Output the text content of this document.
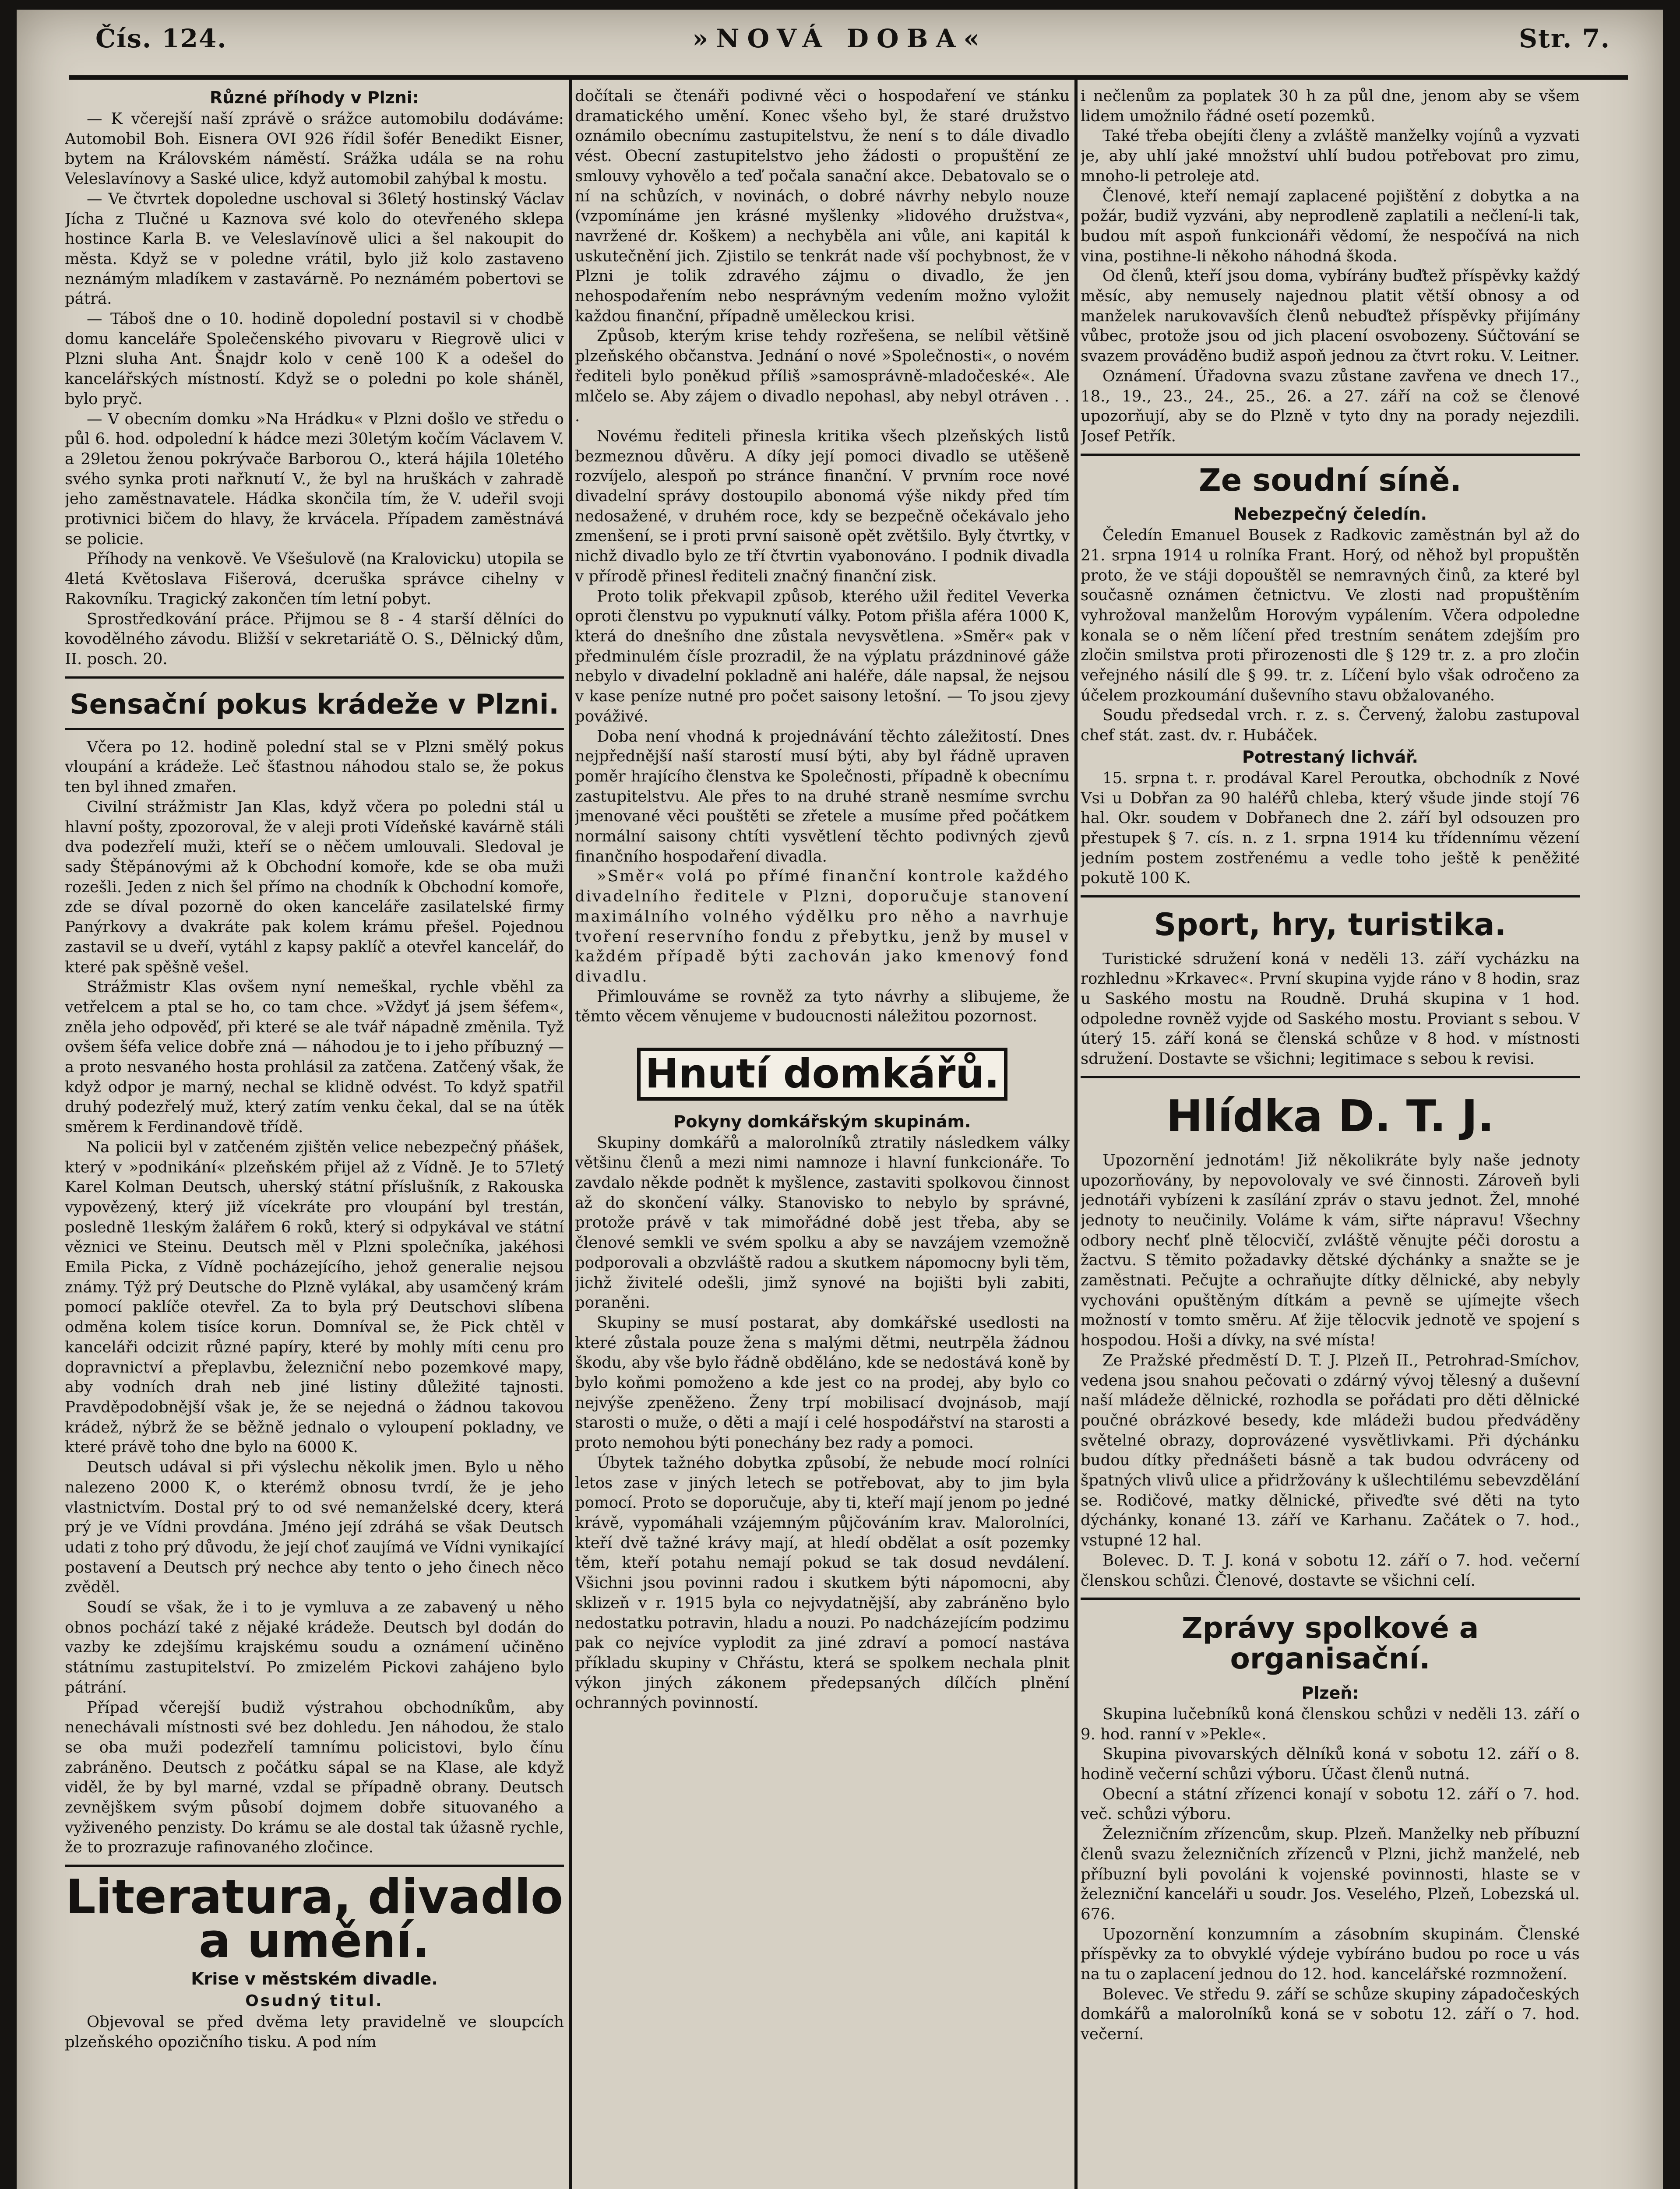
Čís. 124.	»NOVÁ DOBA«	Str. 7.

Různé příhody v Plzni:

— K včerejší naší zprávě o srážce automobilu dodáváme: Automobil Boh. Eisnera OVI 926 řídil šofér Benedikt Eisner, bytem na Královském náměstí. Srážka udála se na rohu Veleslavínovy a Saské ulice, když automobil zahýbal k mostu.

— Ve čtvrtek dopoledne uschoval si 36letý hostinský Václav Jícha z Tlučné u Kaznova své kolo do otevřeného sklepa hostince Karla B. ve Veleslavínově ulici a šel nakoupit do města. Když se v poledne vrátil, bylo již kolo zastaveno neznámým mladíkem v zastavárně. Po neznámém pobertovi se pátrá.

— Táboš dne o 10. hodině dopolední postavil si v chodbě domu kanceláře Společenského pivovaru v Riegrově ulici v Plzni sluha Ant. Šnajdr kolo v ceně 100 K a odešel do kancelářských místností. Když se o poledni po kole sháněl, bylo pryč.

— V obecním domku »Na Hrádku« v Plzni došlo ve středu o půl 6. hod. odpolední k hádce mezi 30letým kočím Václavem V. a 29letou ženou pokrývače Barborou O., která hájila 10letého svého synka proti nařknutí V., že byl na hruškách v zahradě jeho zaměstnavatele. Hádka skončila tím, že V. udeřil svoji protivnici bičem do hlavy, že krvácela. Případem zaměstnává se policie.

Příhody na venkově. Ve Všešulově (na Kralovicku) utopila se 4letá Květoslava Fišerová, dceruška správce cihelny v Rakovníku. Tragický zakončen tím letní pobyt.

Sprostředkování práce. Přijmou se 8 - 4 starší dělníci do kovodělného závodu. Bližší v sekretariátě O. S., Dělnický dům, II. posch. 20.

Sensační pokus krádeže v Plzni.

Včera po 12. hodině polední stal se v Plzni smělý pokus vloupání a krádeže. Leč šťastnou náhodou stalo se, že pokus ten byl ihned zmařen.

Civilní strážmistr Jan Klas, když včera po poledni stál u hlavní pošty, zpozoroval, že v aleji proti Vídeňské kavárně stáli dva podezřelí muži, kteří se o něčem umlouvali. Sledoval je sady Štěpánovými až k Obchodní komoře, kde se oba muži rozešli. Jeden z nich šel přímo na chodník k Obchodní komoře, zde se díval pozorně do oken kanceláře zasilatelské firmy Panýrkovy a dvakráte pak kolem krámu přešel. Pojednou zastavil se u dveří, vytáhl z kapsy paklíč a otevřel kancelář, do které pak spěšně vešel.

Strážmistr Klas ovšem nyní nemeškal, rychle vběhl za vetřelcem a ptal se ho, co tam chce. »Vždyť já jsem šéfem«, zněla jeho odpověď, při které se ale tvář nápadně změnila. Tyž ovšem šéfa velice dobře zná — náhodou je to i jeho příbuzný — a proto nesvaného hosta prohlásil za zatčena. Zatčený však, že když odpor je marný, nechal se klidně odvést. To když spatřil druhý podezřelý muž, který zatím venku čekal, dal se na útěk směrem k Ferdinandově třídě.

Na policii byl v zatčeném zjištěn velice nebezpečný pňášek, který v »podnikání« plzeňském přijel až z Vídně. Je to 57letý Karel Kolman Deutsch, uherský státní příslušník, z Rakouska vypovězený, který již vícekráte pro vloupání byl trestán, posledně 1leským žalářem 6 roků, který si odpykával ve státní věznici ve Steinu. Deutsch měl v Plzni společníka, jakéhosi Emila Picka, z Vídně pocházejícího, jehož generalie nejsou známy. Týž prý Deutsche do Plzně vylákal, aby usamčený krám pomocí paklíče otevřel. Za to byla prý Deutschovi slíbena odměna kolem tisíce korun. Domníval se, že Pick chtěl v kanceláři odcizit různé papíry, které by mohly míti cenu pro dopravnictví a přeplavbu, železniční nebo pozemkové mapy, aby vodních drah neb jiné listiny důležité tajnosti. Pravděpodobnější však je, že se nejedná o žádnou takovou krádež, nýbrž že se běžně jednalo o vyloupení pokladny, ve které právě toho dne bylo na 6000 K.

Deutsch udával si při výslechu několik jmen. Bylo u něho nalezeno 2000 K, o kterémž obnosu tvrdí, že je jeho vlastnictvím. Dostal prý to od své nemanželské dcery, která prý je ve Vídni provdána. Jméno její zdráhá se však Deutsch udati z toho prý důvodu, že její choť zaujímá ve Vídni vynikající postavení a Deutsch prý nechce aby tento o jeho činech něco zvěděl.

Soudí se však, že i to je vymluva a ze zabavený u něho obnos pochází také z nějaké krádeže. Deutsch byl dodán do vazby ke zdejšímu krajskému soudu a oznámení učiněno státnímu zastupitelství. Po zmizelém Pickovi zahájeno bylo pátrání.

Případ včerejší budiž výstrahou obchodníkům, aby nenechávali místnosti své bez dohledu. Jen náhodou, že stalo se oba muži podezřelí tamnímu policistovi, bylo čínu zabráněno. Deutsch z počátku sápal se na Klase, ale když viděl, že by byl marné, vzdal se případně obrany. Deutsch zevnějškem svým působí dojmem dobře situovaného a vyživeného penzisty. Do krámu se ale dostal tak úžasně rychle, že to prozrazuje rafinovaného zločince.

Literatura, divadlo
a umění.

Krise v městském divadle.

Osudný titul.

Objevoval se před dvěma lety pravidelně ve sloupcích plzeňského opozičního tisku. A pod ním

dočítali se čtenáři podivné věci o hospodaření ve stánku dramatického umění. Konec všeho byl, že staré družstvo oznámilo obecnímu zastupitelstvu, že není s to dále divadlo vést. Obecní zastupitelstvo jeho žádosti o propuštění ze smlouvy vyhovělo a teď počala sanační akce. Debatovalo se o ní na schůzích, v novinách, o dobré návrhy nebylo nouze (vzpomínáme jen krásné myšlenky »lidového družstva«, navržené dr. Koškem) a nechyběla ani vůle, ani kapitál k uskutečnění jich. Zjistilo se tenkrát nade vší pochybnost, že v Plzni je tolik zdravého zájmu o divadlo, že jen nehospodařením nebo nesprávným vedením možno vyložit každou finanční, případně uměleckou krisi.

Způsob, kterým krise tehdy rozřešena, se nelíbil většině plzeňského občanstva. Jednání o nové »Společnosti«, o novém řediteli bylo poněkud příliš »samosprávně-mladočeské«. Ale mlčelo se. Aby zájem o divadlo nepohasl, aby nebyl otráven . . .

Novému řediteli přinesla kritika všech plzeňských listů bezmeznou důvěru. A díky její pomoci divadlo se utěšeně rozvíjelo, alespoň po stránce finanční. V prvním roce nové divadelní správy dostoupilo abonomá výše nikdy před tím nedosažené, v druhém roce, kdy se bezpečně očekávalo jeho zmenšení, se i proti první saisoně opět zvětšilo. Byly čtvrtky, v nichž divadlo bylo ze tří čtvrtin vyabonováno. I podnik divadla v přírodě přinesl řediteli značný finanční zisk.

Proto tolik překvapil způsob, kterého užil ředitel Veverka oproti členstvu po vypuknutí války. Potom přišla aféra 1000 K, která do dnešního dne zůstala nevysvětlena. »Směr« pak v předminulém čísle prozradil, že na výplatu prázdninové gáže nebylo v divadelní pokladně ani haléře, dále napsal, že nejsou v kase peníze nutné pro počet saisony letošní. — To jsou zjevy pováživé.

Doba není vhodná k projednávání těchto záležitostí. Dnes nejpřednější naší starostí musí býti, aby byl řádně upraven poměr hrajícího členstva ke Společnosti, případně k obecnímu zastupitelstvu. Ale přes to na druhé straně nesmíme svrchu jmenované věci pouštěti se zřetele a musíme před počátkem normální saisony chtíti vysvětlení těchto podivných zjevů finančního hospodaření divadla.

»Směr« volá po přímé finanční kontrole každého divadelního ředitele v Plzni, doporučuje stanovení maximálního volného výdělku pro něho a navrhuje tvoření reservního fondu z přebytku, jenž by musel v každém případě býti zachován jako kmenový fond divadlu.

Přimlouváme se rovněž za tyto návrhy a slibujeme, že těmto věcem věnujeme v budoucnosti náležitou pozornost.

Hnutí domkářů.

Pokyny domkářským skupinám.

Skupiny domkářů a malorolníků ztratily následkem války většinu členů a mezi nimi namnoze i hlavní funkcionáře. To zavdalo někde podnět k myšlence, zastaviti spolkovou činnost až do skončení války. Stanovisko to nebylo by správné, protože právě v tak mimořádné době jest třeba, aby se členové semkli ve svém spolku a aby se navzájem vzemožně podporovali a obzvláště radou a skutkem nápomocny byli těm, jichž živitelé odešli, jimž synové na bojišti byli zabiti, poraněni.

Skupiny se musí postarat, aby domkářské usedlosti na které zůstala pouze žena s malými dětmi, neutrpěla žádnou škodu, aby vše bylo řádně obděláno, kde se nedostává koně by bylo koňmi pomoženo a kde jest co na prodej, aby bylo co nejvýše zpeněženo. Ženy trpí mobilisací dvojnásob, mají starosti o muže, o děti a mají i celé hospodářství na starosti a proto nemohou býti ponechány bez rady a pomoci.

Úbytek tažného dobytka způsobí, že nebude mocí rolníci letos zase v jiných letech se potřebovat, aby to jim byla pomocí. Proto se doporučuje, aby ti, kteří mají jenom po jedné krávě, vypomáhali vzájemným půjčováním krav. Malorolníci, kteří dvě tažné krávy mají, at hledí obdělat a osít pozemky těm, kteří potahu nemají pokud se tak dosud nevdálení. Všichni jsou povinni radou i skutkem býti nápomocni, aby sklizeň v r. 1915 byla co nejvydatnější, aby zabráněno bylo nedostatku potravin, hladu a nouzi. Po nadcházejícím podzimu pak co nejvíce vyplodit za jiné zdraví a pomocí nastáva příkladu skupiny v Chřástu, která se spolkem nechala plnit výkon jiných zákonem předepsaných dílčích plnění ochranných povinností.

i nečlenům za poplatek 30 h za půl dne, jenom aby se všem lidem umožnilo řádné osetí pozemků.

Také třeba obejíti členy a zvláště manželky vojínů a vyzvati je, aby uhlí jaké množství uhlí budou potřebovat pro zimu, mnoho-li petroleje atd.

Členové, kteří nemají zaplacené pojištění z dobytka a na požár, budiž vyzváni, aby neprodleně zaplatili a nečlení-li tak, budou mít aspoň funkcionáři vědomí, že nespočívá na nich vina, postihne-li někoho náhodná škoda.

Od členů, kteří jsou doma, vybírány buďtež příspěvky každý měsíc, aby nemusely najednou platit větší obnosy a od manželek narukovavších členů nebuďtež příspěvky přijímány vůbec, protože jsou od jich placení osvobozeny. Súčtování se svazem prováděno budiž aspoň jednou za čtvrt roku. V. Leitner.

Oznámení. Úřadovna svazu zůstane zavřena ve dnech 17., 18., 19., 23., 24., 25., 26. a 27. září na což se členové upozorňují, aby se do Plzně v tyto dny na porady nejezdili. Josef Petřík.

Ze soudní síně.

Nebezpečný čeledín.

Čeledín Emanuel Bousek z Radkovic zaměstnán byl až do 21. srpna 1914 u rolníka Frant. Horý, od něhož byl propuštěn proto, že ve stáji dopouštěl se nemravných činů, za které byl současně oznámen četnictvu. Ve zlosti nad propuštěním vyhrožoval manželům Horovým vypálením. Včera odpoledne konala se o něm líčení před trestním senátem zdejším pro zločin smilstva proti přirozenosti dle § 129 tr. z. a pro zločin veřejného násilí dle § 99. tr. z. Líčení bylo však odročeno za účelem prozkoumání duševního stavu obžalovaného.

Soudu předsedal vrch. r. z. s. Červený, žalobu zastupoval chef stát. zast. dv. r. Hubáček.

Potrestaný lichvář.

15. srpna t. r. prodával Karel Peroutka, obchodník z Nové Vsi u Dobřan za 90 haléřů chleba, který všude jinde stojí 76 hal. Okr. soudem v Dobřanech dne 2. září byl odsouzen pro přestupek § 7. cís. n. z 1. srpna 1914 ku třídennímu vězení jedním postem zostřenému a vedle toho ještě k peněžité pokutě 100 K.

Sport, hry, turistika.

Turistické sdružení koná v neděli 13. září vycházku na rozhlednu »Krkavec«. První skupina vyjde ráno v 8 hodin, sraz u Saského mostu na Roudně. Druhá skupina v 1 hod. odpoledne rovněž vyjde od Saského mostu. Proviant s sebou. V úterý 15. září koná se členská schůze v 8 hod. v místnosti sdružení. Dostavte se všichni; legitimace s sebou k revisi.

Hlídka D. T. J.

Upozornění jednotám! Již několikráte byly naše jednoty upozorňovány, by nepovolovaly ve své činnosti. Zároveň byli jednotáři vybízeni k zasílání zpráv o stavu jednot. Žel, mnohé jednoty to neučinily. Voláme k vám, siřte nápravu! Všechny odbory nechť plně tělocvičí, zvláště věnujte péči dorostu a žactvu. S těmito požadavky dětské dýchánky a snažte se je zaměstnati. Pečujte a ochraňujte dítky dělnické, aby nebyly vychováni opuštěným dítkám a pevně se ujímejte všech možností v tomto směru. Ať žije tělocvik jednotě ve spojení s hospodou. Hoši a dívky, na své místa!

Ze Pražské předměstí D. T. J. Plzeň II., Petrohrad-Smíchov, vedena jsou snahou pečovati o zdárný vývoj tělesný a duševní naší mládeže dělnické, rozhodla se pořádati pro děti dělnické poučné obrázkové besedy, kde mládeži budou předváděny světelné obrazy, doprovázené vysvětlivkami. Při dýchánku budou dítky přednášeti básně a tak budou odvráceny od špatných vlivů ulice a přidržovány k ušlechtilému sebevzdělání se. Rodičové, matky dělnické, přiveďte své děti na tyto dýchánky, konané 13. září ve Karhanu. Začátek o 7. hod., vstupné 12 hal.

Bolevec. D. T. J. koná v sobotu 12. září o 7. hod. večerní členskou schůzi. Členové, dostavte se všichni celí.

Zprávy spolkové a organisační.

Plzeň:

Skupina lučebníků koná členskou schůzi v neděli 13. září o 9. hod. ranní v »Pekle«.

Skupina pivovarských dělníků koná v sobotu 12. září o 8. hodině večerní schůzi výboru. Účast členů nutná.

Obecní a státní zřízenci konají v sobotu 12. září o 7. hod. več. schůzi výboru.

Železničním zřízencům, skup. Plzeň. Manželky neb příbuzní členů svazu železničních zřízenců v Plzni, jichž manželé, neb příbuzní byli povoláni k vojenské povinnosti, hlaste se v železniční kanceláři u soudr. Jos. Veselého, Plzeň, Lobezská ul. 676.

Upozornění konzumním a zásobním skupinám. Členské příspěvky za to obvyklé výdeje vybíráno budou po roce u vás na tu o zaplacení jednou do 12. hod. kancelářské rozmnožení.

Bolevec. Ve středu 9. září se schůze skupiny západočeských domkářů a malorolníků koná se v sobotu 12. září o 7. hod. večerní.
